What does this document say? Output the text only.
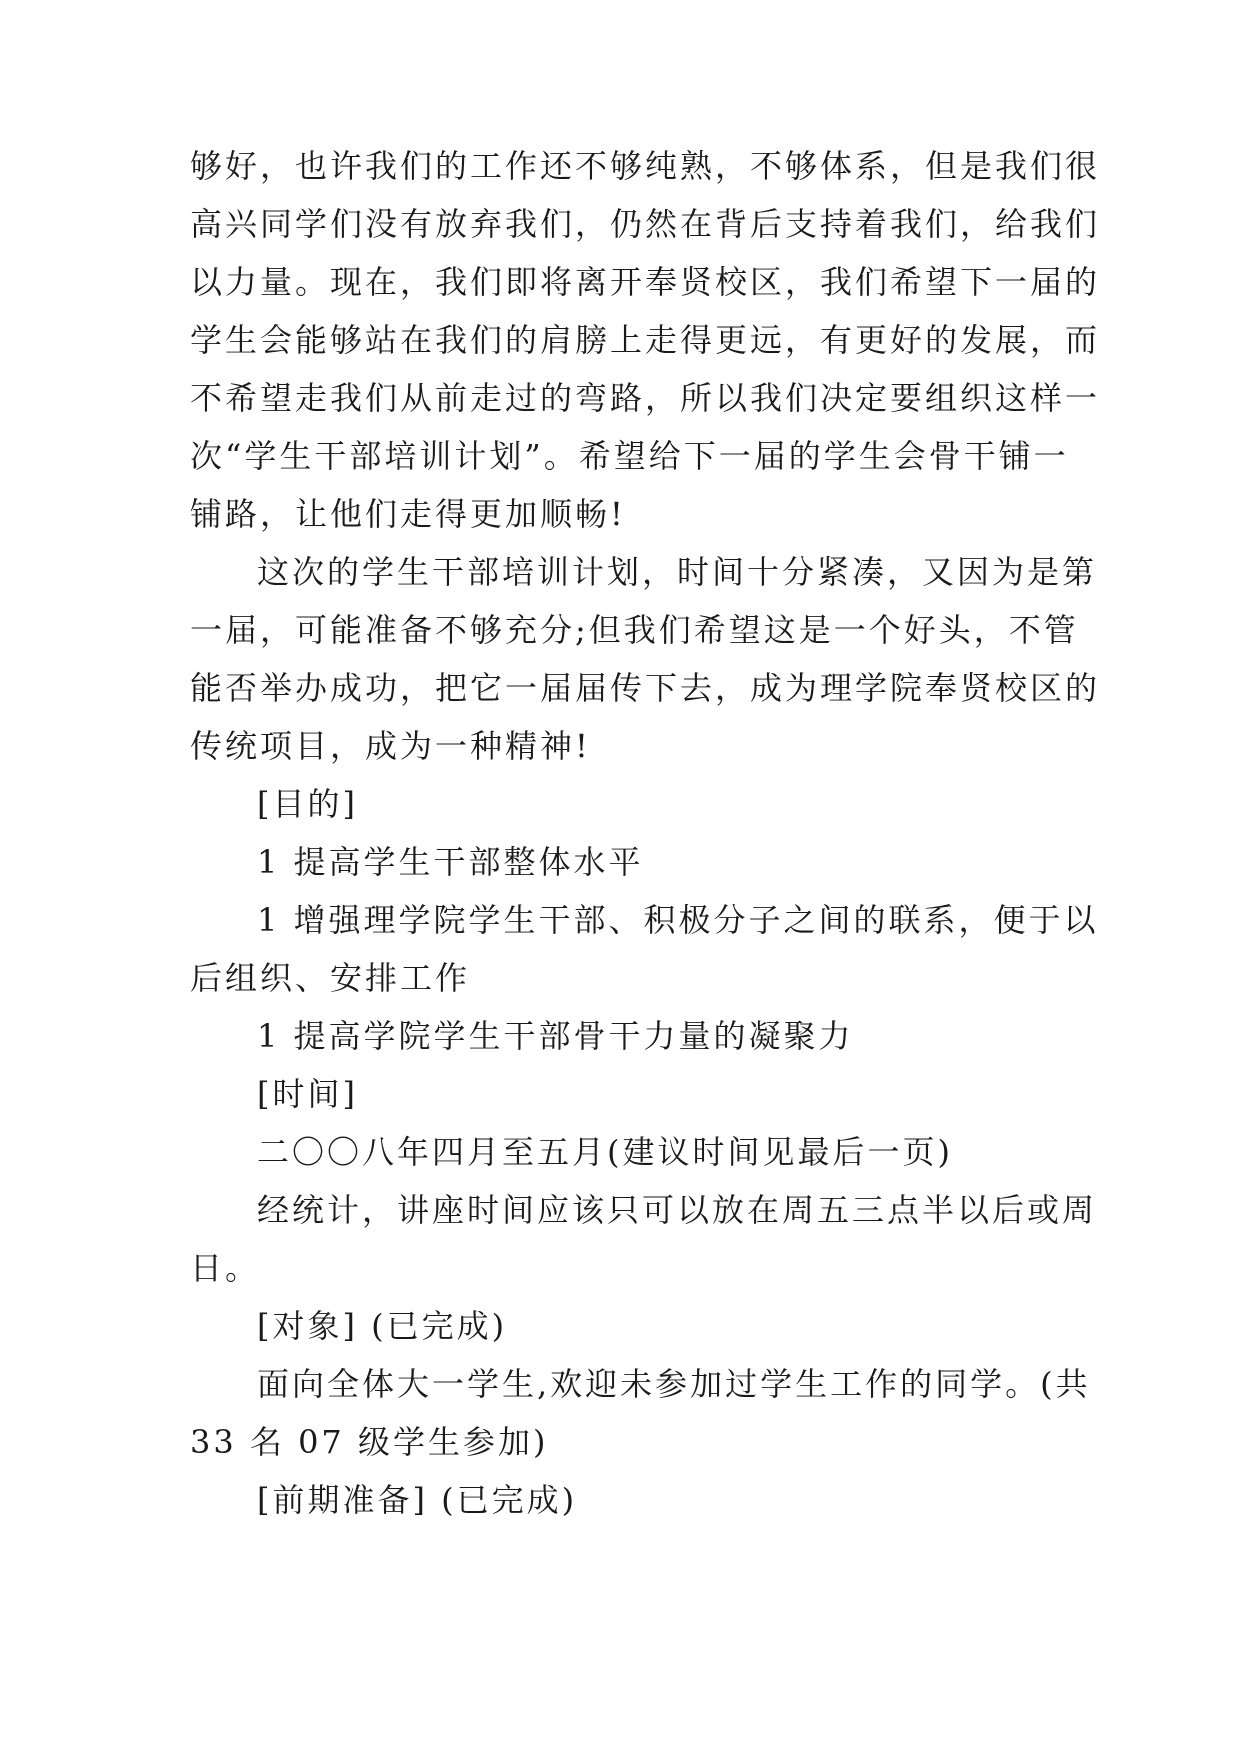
够好，也许我们的工作还不够纯熟，不够体系，但是我们很
高兴同学们没有放弃我们，仍然在背后支持着我们，给我们
以力量。现在，我们即将离开奉贤校区，我们希望下一届的
学生会能够站在我们的肩膀上走得更远，有更好的发展，而
不希望走我们从前走过的弯路，所以我们决定要组织这样一
次“学生干部培训计划”。希望给下一届的学生会骨干铺一
铺路，让他们走得更加顺畅!
这次的学生干部培训计划，时间十分紧凑，又因为是第
一届，可能准备不够充分;但我们希望这是一个好头，不管
能否举办成功，把它一届届传下去，成为理学院奉贤校区的
传统项目，成为一种精神!
[目的]
1 提高学生干部整体水平
1 增强理学院学生干部、积极分子之间的联系，便于以
后组织、安排工作
1 提高学院学生干部骨干力量的凝聚力
[时间]
二〇〇八年四月至五月(建议时间见最后一页)
经统计，讲座时间应该只可以放在周五三点半以后或周
日。
[对象] (已完成)
面向全体大一学生,欢迎未参加过学生工作的同学。(共
33 名 07 级学生参加)
[前期准备] (已完成)
